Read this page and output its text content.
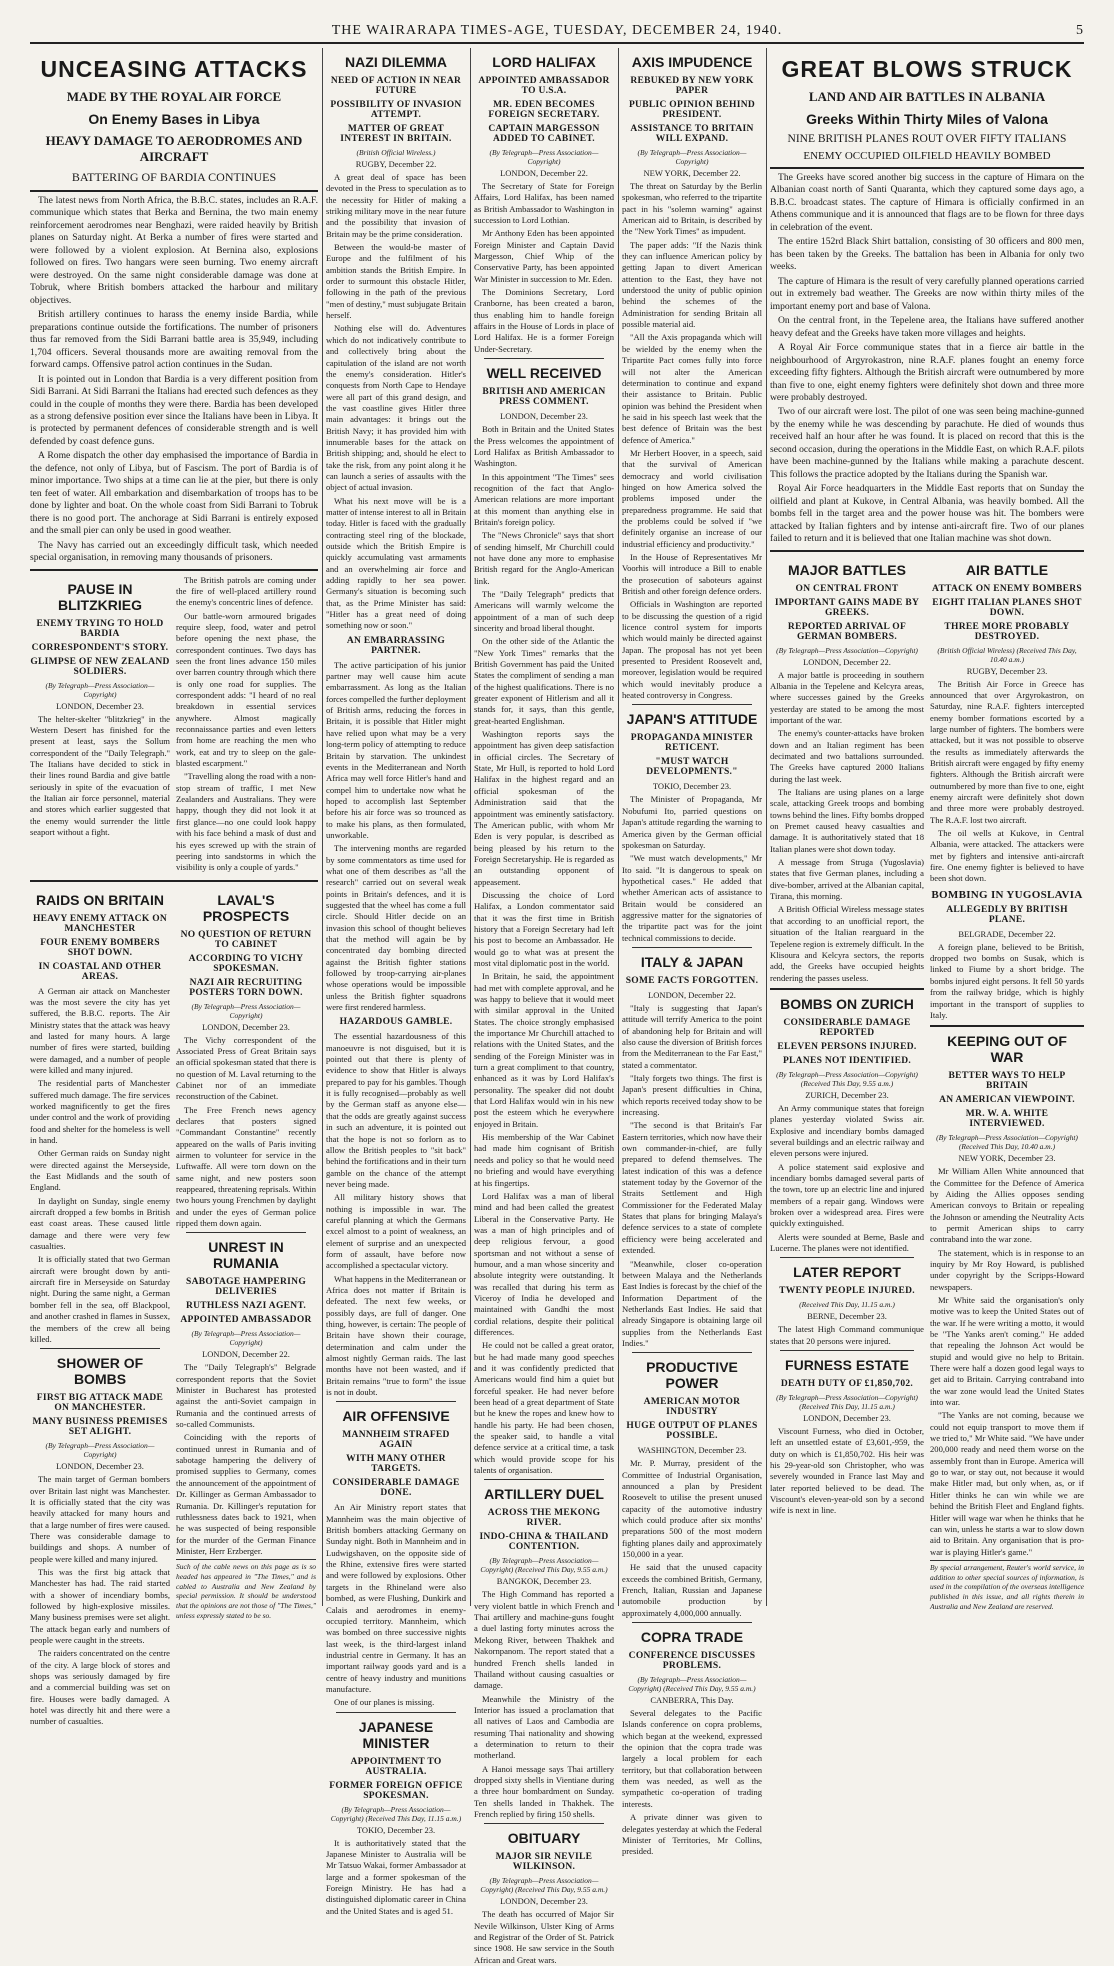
THE WAIRARAPA TIMES-AGE, TUESDAY, DECEMBER 24, 1940.	5
UNCEASING ATTACKS
MADE BY THE ROYAL AIR FORCE
On Enemy Bases in Libya
HEAVY DAMAGE TO AERODROMES AND AIRCRAFT
BATTERING OF BARDIA CONTINUES

The latest news from North Africa, the B.B.C. states, includes an R.A.F. communique which states that Berka and Bernina, the two main enemy reinforcement aerodromes near Benghazi, were raided heavily by British planes on Saturday night. At Berka a number of fires were started and were followed by a violent explosion. At Bernina also, explosions followed on fires. Two hangars were seen burning. Two enemy aircraft were destroyed. On the same night considerable damage was done at Tobruk, where British bombers attacked the harbour and military objectives.

British artillery continues to harass the enemy inside Bardia, while preparations continue outside the fortifications. The number of prisoners thus far removed from the Sidi Barrani battle area is 35,949, including 1,704 officers. Several thousands more are awaiting removal from the forward camps. Offensive patrol action continues in the Sudan.

It is pointed out in London that Bardia is a very different position from Sidi Barrani. At Sidi Barrani the Italians had erected such defences as they could in the couple of months they were there. Bardia has been developed as a strong defensive position ever since the Italians have been in Libya. It is protected by permanent defences of considerable strength and is well defended by coast defence guns.

A Rome dispatch the other day emphasised the importance of Bardia in the defence, not only of Libya, but of Fascism. The port of Bardia is of minor importance. Two ships at a time can lie at the pier, but there is only ten feet of water. All embarkation and disembarkation of troops has to be done by lighter and boat. On the whole coast from Sidi Barrani to Tobruk there is no good port. The anchorage at Sidi Barrani is entirely exposed and the small pier can only be used in good weather.

The Navy has carried out an exceedingly difficult task, which needed special organisation, in removing many thousands of prisoners.

PAUSE IN BLITZKRIEG
ENEMY TRYING TO HOLD BARDIA
CORRESPONDENT'S STORY.
GLIMPSE OF NEW ZEALAND SOLDIERS.
(By Telegraph—Press Association—Copyright)
LONDON, December 23.

The helter-skelter "blitzkrieg" in the Western Desert has finished for the present at least, says the Sollum correspondent of the "Daily Telegraph." The Italians have decided to stick in their lines round Bardia and give battle seriously in spite of the evacuation of the Italian air force personnel, material and stores which earlier suggested that the enemy would surrender the little seaport without a fight.

The British patrols are coming under the fire of well-placed artillery round the enemy's concentric lines of defence.

Our battle-worn armoured brigades require sleep, food, water and petrol before opening the next phase, the correspondent continues. Two days has seen the front lines advance 150 miles over barren country through which there is only one road for supplies. The correspondent adds: "I heard of no real breakdown in essential services anywhere. Almost magically reconnaissance parties and even letters from home are reaching the men who work, eat and try to sleep on the gale-blasted escarpment."

"Travelling along the road with a non-stop stream of traffic, I met New Zealanders and Australians. They were happy, though they did not look it at first glance—no one could look happy with his face behind a mask of dust and his eyes screwed up with the strain of peering into sandstorms in which the visibility is only a couple of yards."

RAIDS ON BRITAIN
HEAVY ENEMY ATTACK ON MANCHESTER
FOUR ENEMY BOMBERS SHOT DOWN.
IN COASTAL AND OTHER AREAS.

A German air attack on Manchester was the most severe the city has yet suffered, the B.B.C. reports. The Air Ministry states that the attack was heavy and lasted for many hours. A large number of fires were started, building were damaged, and a number of people were killed and many injured.

The residential parts of Manchester suffered much damage. The fire services worked magnificently to get the fires under control and the work of providing food and shelter for the homeless is well in hand.

Other German raids on Sunday night were directed against the Merseyside, the East Midlands and the south of England.

In daylight on Sunday, single enemy aircraft dropped a few bombs in British east coast areas. These caused little damage and there were very few casualties.

It is officially stated that two German aircraft were brought down by anti-aircraft fire in Merseyside on Saturday night. During the same night, a German bomber fell in the sea, off Blackpool, and another crashed in flames in Sussex, the members of the crew all being killed.

SHOWER OF BOMBS
FIRST BIG ATTACK MADE ON MANCHESTER.
MANY BUSINESS PREMISES SET ALIGHT.
(By Telegraph—Press Association—Copyright)
LONDON, December 23.

The main target of German bombers over Britain last night was Manchester. It is officially stated that the city was heavily attacked for many hours and that a large number of fires were caused. There was considerable damage to buildings and shops. A number of people were killed and many injured.

This was the first big attack that Manchester has had. The raid started with a shower of incendiary bombs, followed by high-explosive missiles. Many business premises were set alight. The attack began early and numbers of people were caught in the streets.

The raiders concentrated on the centre of the city. A large block of stores and shops was seriously damaged by fire and a commercial building was set on fire. Houses were badly damaged. A hotel was directly hit and there were a number of casualties.

LAVAL'S PROSPECTS
NO QUESTION OF RETURN TO CABINET
ACCORDING TO VICHY SPOKESMAN.
NAZI AIR RECRUITING POSTERS TORN DOWN.
(By Telegraph—Press Association—Copyright)
LONDON, December 23.

The Vichy correspondent of the Associated Press of Great Britain says an official spokesman stated that there is no question of M. Laval returning to the Cabinet nor of an immediate reconstruction of the Cabinet.

The Free French news agency declares that posters signed "Commandant Constantine" recently appeared on the walls of Paris inviting airmen to volunteer for service in the Luftwaffe. All were torn down on the same night, and new posters soon reappeared, threatening reprisals. Within two hours young Frenchmen by daylight and under the eyes of German police ripped them down again.

UNREST IN RUMANIA
SABOTAGE HAMPERING DELIVERIES
RUTHLESS NAZI AGENT.
APPOINTED AMBASSADOR
(By Telegraph—Press Association—Copyright)
LONDON, December 22.

The "Daily Telegraph's" Belgrade correspondent reports that the Soviet Minister in Bucharest has protested against the anti-Soviet campaign in Rumania and the continued arrests of so-called Communists.

Coinciding with the reports of continued unrest in Rumania and of sabotage hampering the delivery of promised supplies to Germany, comes the announcement of the appointment of Dr. Killinger as German Ambassador to Rumania. Dr. Killinger's reputation for ruthlessness dates back to 1921, when he was suspected of being responsible for the murder of the German Finance Minister, Herr Erzberger.

Such of the cable news on this page as is so headed has appeared in "The Times," and is cabled to Australia and New Zealand by special permission. It should be understood that the opinions are not those of "The Times," unless expressly stated to be so.
NAZI DILEMMA
NEED OF ACTION IN NEAR FUTURE
POSSIBILITY OF INVASION ATTEMPT.
MATTER OF GREAT INTEREST IN BRITAIN.
(British Official Wireless.)
RUGBY, December 22.

A great deal of space has been devoted in the Press to speculation as to the necessity for Hitler of making a striking military move in the near future and the possibility that invasion of Britain may be the prime consideration.

Between the would-be master of Europe and the fulfilment of his ambition stands the British Empire. In order to surmount this obstacle Hitler, following in the path of the previous "men of destiny," must subjugate Britain herself.

Nothing else will do. Adventures which do not indicatively contribute to and collectively bring about the capitulation of the island are not worth the enemy's consideration. Hitler's conquests from North Cape to Hendaye were all part of this grand design, and the vast coastline gives Hitler three main advantages: it brings out the British Navy; it has provided him with innumerable bases for the attack on British shipping; and, should he elect to take the risk, from any point along it he can launch a series of assaults with the object of actual invasion.

What his next move will be is a matter of intense interest to all in Britain today. Hitler is faced with the gradually contracting steel ring of the blockade, outside which the British Empire is quickly accumulating vast armaments and an overwhelming air force and adding rapidly to her sea power. Germany's situation is becoming such that, as the Prime Minister has said: "Hitler has a great need of doing something now or soon."

AN EMBARRASSING PARTNER.

The active participation of his junior partner may well cause him acute embarrassment. As long as the Italian forces compelled the further deployment of British arms, reducing the forces in Britain, it is possible that Hitler might have relied upon what may be a very long-term policy of attempting to reduce Britain by starvation. The unkindest events in the Mediterranean and North Africa may well force Hitler's hand and compel him to undertake now what he hoped to accomplish last September before his air force was so trounced as to make his plans, as then formulated, unworkable.

The intervening months are regarded by some commentators as time used for what one of them describes as "all the research" carried out on several weak points in Britain's defences, and it is suggested that the wheel has come a full circle. Should Hitler decide on an invasion this school of thought believes that the method will again be by concentrated day bombing directed against the British fighter stations followed by troop-carrying air-planes whose operations would be impossible unless the British fighter squadrons were first rendered harmless.

HAZARDOUS GAMBLE.

The essential hazardousness of this manoeuvre is not disguised, but it is pointed out that there is plenty of evidence to show that Hitler is always prepared to pay for his gambles. Though it is fully recognised—probably as well by the German staff as anyone else—that the odds are greatly against success in such an adventure, it is pointed out that the hope is not so forlorn as to allow the British peoples to "sit back" behind the fortifications and in their turn gamble on the chance of the attempt never being made.

All military history shows that nothing is impossible in war. The careful planning at which the Germans excel almost to a point of weakness, an element of surprise and an unexpected form of assault, have before now accomplished a spectacular victory.

What happens in the Mediterranean or Africa does not matter if Britain is defeated. The next few weeks, or possibly days, are full of danger. One thing, however, is certain: The people of Britain have shown their courage, determination and calm under the almost nightly German raids. The last months have not been wasted, and if Britain remains "true to form" the issue is not in doubt.

AIR OFFENSIVE
MANNHEIM STRAFED AGAIN
WITH MANY OTHER TARGETS.
CONSIDERABLE DAMAGE DONE.

An Air Ministry report states that Mannheim was the main objective of British bombers attacking Germany on Sunday night. Both in Mannheim and in Ludwigshaven, on the opposite side of the Rhine, extensive fires were started and were followed by explosions. Other targets in the Rhineland were also bombed, as were Flushing, Dunkirk and Calais and aerodromes in enemy-occupied territory. Mannheim, which was bombed on three successive nights last week, is the third-largest inland industrial centre in Germany. It has an important railway goods yard and is a centre of heavy industry and munitions manufacture.

One of our planes is missing.

JAPANESE MINISTER
APPOINTMENT TO AUSTRALIA.
FORMER FOREIGN OFFICE SPOKESMAN.
(By Telegraph—Press Association—Copyright) (Received This Day, 11.15 a.m.)
TOKIO, December 23.

It is authoritatively stated that the Japanese Minister to Australia will be Mr Tatsuo Wakai, former Ambassador at large and a former spokesman of the Foreign Ministry. He has had a distinguished diplomatic career in China and the United States and is aged 51.

LORD HALIFAX
APPOINTED AMBASSADOR TO U.S.A.
MR. EDEN BECOMES FOREIGN SECRETARY.
CAPTAIN MARGESSON ADDED TO CABINET.
(By Telegraph—Press Association—Copyright)
LONDON, December 22.

The Secretary of State for Foreign Affairs, Lord Halifax, has been named as British Ambassador to Washington in succession to Lord Lothian.

Mr Anthony Eden has been appointed Foreign Minister and Captain David Margesson, Chief Whip of the Conservative Party, has been appointed War Minister in succession to Mr. Eden.

The Dominions Secretary, Lord Cranborne, has been created a baron, thus enabling him to handle foreign affairs in the House of Lords in place of Lord Halifax. He is a former Foreign Under-Secretary.

WELL RECEIVED
BRITISH AND AMERICAN PRESS COMMENT.
LONDON, December 23.

Both in Britain and the United States the Press welcomes the appointment of Lord Halifax as British Ambassador to Washington.

In this appointment "The Times" sees recognition of the fact that Anglo-American relations are more important at this moment than anything else in Britain's foreign policy.

The "News Chronicle" says that short of sending himself, Mr Churchill could not have done any more to emphasise British regard for the Anglo-American link.

The "Daily Telegraph" predicts that Americans will warmly welcome the appointment of a man of such deep sincerity and broad liberal thought.

On the other side of the Atlantic the "New York Times" remarks that the British Government has paid the United States the compliment of sending a man of the highest qualifications. There is no greater exponent of Hitlerism and all it stands for, it says, than this gentle, great-hearted Englishman.

Washington reports says the appointment has given deep satisfaction in official circles. The Secretary of State, Mr Hull, is reported to hold Lord Halifax in the highest regard and an official spokesman of the Administration said that the appointment was eminently satisfactory. The American public, with whom Mr Eden is very popular, is described as being pleased by his return to the Foreign Secretaryship. He is regarded as an outstanding opponent of appeasement.

Discussing the choice of Lord Halifax, a London commentator said that it was the first time in British history that a Foreign Secretary had left his post to become an Ambassador. He would go to what was at present the most vital diplomatic post in the world.

In Britain, he said, the appointment had met with complete approval, and he was happy to believe that it would meet with similar approval in the United States. The choice strongly emphasised the importance Mr Churchill attached to relations with the United States, and the sending of the Foreign Minister was in turn a great compliment to that country, enhanced as it was by Lord Halifax's personality. The speaker did not doubt that Lord Halifax would win in his new post the esteem which he everywhere enjoyed in Britain.

His membership of the War Cabinet had made him cognisant of British needs and policy so that he would need no briefing and would have everything at his fingertips.

Lord Halifax was a man of liberal mind and had been called the greatest Liberal in the Conservative Party. He was a man of high principles and of deep religious fervour, a good sportsman and not without a sense of humour, and a man whose sincerity and absolute integrity were outstanding. It was recalled that during his term as Viceroy of India he developed and maintained with Gandhi the most cordial relations, despite their political differences.

He could not be called a great orator, but he had made many good speeches and it was confidently predicted that Americans would find him a quiet but forceful speaker. He had never before been head of a great department of State but he knew the ropes and knew how to handle his party. He had been chosen, the speaker said, to handle a vital defence service at a critical time, a task which would provide scope for his talents of organisation.

ARTILLERY DUEL
ACROSS THE MEKONG RIVER.
INDO-CHINA & THAILAND CONTENTION.
(By Telegraph—Press Association—Copyright) (Received This Day, 9.55 a.m.)
BANGKOK, December 23.

The High Command has reported a very violent battle in which French and Thai artillery and machine-guns fought a duel lasting forty minutes across the Mekong River, between Thakhek and Nakornpanom. The report stated that a hundred French shells landed in Thailand without causing casualties or damage.

Meanwhile the Ministry of the Interior has issued a proclamation that all natives of Laos and Cambodia are resuming Thai nationality and showing a determination to return to their motherland.

A Hanoi message says Thai artillery dropped sixty shells in Vientiane during a three hour bombardment on Sunday. Ten shells landed in Thakhek. The French replied by firing 150 shells.

OBITUARY
MAJOR SIR NEVILE WILKINSON.
(By Telegraph—Press Association—Copyright) (Received This Day, 9.55 a.m.)
LONDON, December 23.

The death has occurred of Major Sir Nevile Wilkinson, Ulster King of Arms and Registrar of the Order of St. Patrick since 1908. He saw service in the South African and Great wars.

AXIS IMPUDENCE
REBUKED BY NEW YORK PAPER
PUBLIC OPINION BEHIND PRESIDENT.
ASSISTANCE TO BRITAIN WILL EXPAND.
(By Telegraph—Press Association—Copyright)
NEW YORK, December 22.

The threat on Saturday by the Berlin spokesman, who referred to the tripartite pact in his "solemn warning" against American aid to Britain, is described by the "New York Times" as impudent.

The paper adds: "If the Nazis think they can influence American policy by getting Japan to divert American attention to the East, they have not understood the unity of public opinion behind the schemes of the Administration for sending Britain all possible material aid.

"All the Axis propaganda which will be wielded by the enemy when the Tripartite Pact comes fully into force will not alter the American determination to continue and expand their assistance to Britain. Public opinion was behind the President when he said in his speech last week that the best defence of Britain was the best defence of America."

Mr Herbert Hoover, in a speech, said that the survival of American democracy and world civilisation hinged on how America solved the problems imposed under the preparedness programme. He said that the problems could be solved if "we definitely organise an increase of our industrial efficiency and productivity."

In the House of Representatives Mr Voorhis will introduce a Bill to enable the prosecution of saboteurs against British and other foreign defence orders.

Officials in Washington are reported to be discussing the question of a rigid licence control system for imports which would mainly be directed against Japan. The proposal has not yet been presented to President Roosevelt and, moreover, legislation would be required which would inevitably produce a heated controversy in Congress.

JAPAN'S ATTITUDE
PROPAGANDA MINISTER RETICENT.
"MUST WATCH DEVELOPMENTS."
TOKIO, December 23.

The Minister of Propaganda, Mr Nobufumi Ito, parried questions on Japan's attitude regarding the warning to America given by the German official spokesman on Saturday.

"We must watch developments," Mr Ito said. "It is dangerous to speak on hypothetical cases." He added that whether American acts of assistance to Britain would be considered an aggressive matter for the signatories of the tripartite pact was for the joint technical commissions to decide.

ITALY & JAPAN
SOME FACTS FORGOTTEN.
LONDON, December 22.

"Italy is suggesting that Japan's attitude will terrify America to the point of abandoning help for Britain and will also cause the diversion of British forces from the Mediterranean to the Far East," stated a commentator.

"Italy forgets two things. The first is Japan's present difficulties in China, which reports received today show to be increasing.

"The second is that Britain's Far Eastern territories, which now have their own commander-in-chief, are fully prepared to defend themselves. The latest indication of this was a defence statement today by the Governor of the Straits Settlement and High Commissioner for the Federated Malay States that plans for bringing Malaya's defence services to a state of complete efficiency were being accelerated and extended.

"Meanwhile, closer co-operation between Malaya and the Netherlands East Indies is forecast by the chief of the Information Department of the Netherlands East Indies. He said that already Singapore is obtaining large oil supplies from the Netherlands East Indies."

PRODUCTIVE POWER
AMERICAN MOTOR INDUSTRY
HUGE OUTPUT OF PLANES POSSIBLE.
WASHINGTON, December 23.

Mr. P. Murray, president of the Committee of Industrial Organisation, announced a plan by President Roosevelt to utilise the present unused capacity of the automotive industry which could produce after six months' preparations 500 of the most modern fighting planes daily and approximately 150,000 in a year.

He said that the unused capacity exceeds the combined British, Germany, French, Italian, Russian and Japanese automobile production by approximately 4,000,000 annually.

COPRA TRADE
CONFERENCE DISCUSSES PROBLEMS.
(By Telegraph—Press Association—Copyright) (Received This Day, 9.55 a.m.)
CANBERRA, This Day.

Several delegates to the Pacific Islands conference on copra problems, which began at the weekend, expressed the opinion that the copra trade was largely a local problem for each territory, but that collaboration between them was needed, as well as the sympathetic co-operation of trading interests.

A private dinner was given to delegates yesterday at which the Federal Minister of Territories, Mr Collins, presided.

GREAT BLOWS STRUCK
LAND AND AIR BATTLES IN ALBANIA
Greeks Within Thirty Miles of Valona
NINE BRITISH PLANES ROUT OVER FIFTY ITALIANS
ENEMY OCCUPIED OILFIELD HEAVILY BOMBED

The Greeks have scored another big success in the capture of Himara on the Albanian coast north of Santi Quaranta, which they captured some days ago, a B.B.C. broadcast states. The capture of Himara is officially confirmed in an Athens communique and it is announced that flags are to be flown for three days in celebration of the event.

The entire 152rd Black Shirt battalion, consisting of 30 officers and 800 men, has been taken by the Greeks. The battalion has been in Albania for only two weeks.

The capture of Himara is the result of very carefully planned operations carried out in extremely bad weather. The Greeks are now within thirty miles of the important enemy port and base of Valona.

On the central front, in the Tepelene area, the Italians have suffered another heavy defeat and the Greeks have taken more villages and heights.

A Royal Air Force communique states that in a fierce air battle in the neighbourhood of Argyrokastron, nine R.A.F. planes fought an enemy force exceeding fifty fighters. Although the British aircraft were outnumbered by more than five to one, eight enemy fighters were definitely shot down and three more were probably destroyed.

Two of our aircraft were lost. The pilot of one was seen being machine-gunned by the enemy while he was descending by parachute. He died of wounds thus received half an hour after he was found. It is placed on record that this is the second occasion, during the operations in the Middle East, on which R.A.F. pilots have been machine-gunned by the Italians while making a parachute descent. This follows the practice adopted by the Italians during the Spanish war.

Royal Air Force headquarters in the Middle East reports that on Sunday the oilfield and plant at Kukove, in Central Albania, was heavily bombed. All the bombs fell in the target area and the power house was hit. The bombers were attacked by Italian fighters and by intense anti-aircraft fire. Two of our planes failed to return and it is believed that one Italian machine was shot down.

MAJOR BATTLES
ON CENTRAL FRONT
IMPORTANT GAINS MADE BY GREEKS.
REPORTED ARRIVAL OF GERMAN BOMBERS.
(By Telegraph—Press Association—Copyright)
LONDON, December 22.

A major battle is proceeding in southern Albania in the Tepelene and Kelcyra areas, where successes gained by the Greeks yesterday are stated to be among the most important of the war.

The enemy's counter-attacks have broken down and an Italian regiment has been decimated and two battalions surrounded. The Greeks have captured 2000 Italians during the last week.

The Italians are using planes on a large scale, attacking Greek troops and bombing towns behind the lines. Fifty bombs dropped on Premet caused heavy casualties and damage. It is authoritatively stated that 18 Italian planes were shot down today.

A message from Struga (Yugoslavia) states that five German planes, including a dive-bomber, arrived at the Albanian capital, Tirana, this morning.

A British Official Wireless message states that according to an unofficial report, the situation of the Italian rearguard in the Tepelene region is extremely difficult. In the Klisoura and Kelcyra sectors, the reports add, the Greeks have occupied heights rendering the passes useless.

BOMBS ON ZURICH
CONSIDERABLE DAMAGE REPORTED
ELEVEN PERSONS INJURED.
PLANES NOT IDENTIFIED.
(By Telegraph—Press Association—Copyright) (Received This Day, 9.55 a.m.)
ZURICH, December 23.

An Army communique states that foreign planes yesterday violated Swiss air. Explosive and incendiary bombs damaged several buildings and an electric railway and eleven persons were injured.

A police statement said explosive and incendiary bombs damaged several parts of the town, tore up an electric line and injured members of a repair gang. Windows were broken over a widespread area. Fires were quickly extinguished.

Alerts were sounded at Berne, Basle and Lucerne. The planes were not identified.

LATER REPORT
TWENTY PEOPLE INJURED.
(Received This Day, 11.15 a.m.)
BERNE, December 23.

The latest High Command communique states that 20 persons were injured.

FURNESS ESTATE
DEATH DUTY OF £1,850,702.
(By Telegraph—Press Association—Copyright) (Received This Day, 11.15 a.m.)
LONDON, December 23.

Viscount Furness, who died in October, left an unsettled estate of £3,601,-959, the duty on which is £1,850,702. His heir was his 29-year-old son Christopher, who was severely wounded in France last May and later reported believed to be dead. The Viscount's eleven-year-old son by a second wife is next in line.

AIR BATTLE
ATTACK ON ENEMY BOMBERS
EIGHT ITALIAN PLANES SHOT DOWN.
THREE MORE PROBABLY DESTROYED.
(British Official Wireless) (Received This Day, 10.40 a.m.)
RUGBY, December 23.

The British Air Force in Greece has announced that over Argyrokastron, on Saturday, nine R.A.F. fighters intercepted enemy bomber formations escorted by a large number of fighters. The bombers were attacked, but it was not possible to observe the results as immediately afterwards the British aircraft were engaged by fifty enemy fighters. Although the British aircraft were outnumbered by more than five to one, eight enemy aircraft were definitely shot down and three more were probably destroyed. The R.A.F. lost two aircraft.

The oil wells at Kukove, in Central Albania, were attacked. The attackers were met by fighters and intensive anti-aircraft fire. One enemy fighter is believed to have been shot down.

BOMBING IN YUGOSLAVIA
ALLEGEDLY BY BRITISH PLANE.
BELGRADE, December 22.

A foreign plane, believed to be British, dropped two bombs on Susak, which is linked to Fiume by a short bridge. The bombs injured eight persons. It fell 50 yards from the railway bridge, which is highly important in the transport of supplies to Italy.

KEEPING OUT OF WAR
BETTER WAYS TO HELP BRITAIN
AN AMERICAN VIEWPOINT.
MR. W. A. WHITE INTERVIEWED.
(By Telegraph—Press Association—Copyright) (Received This Day, 10.40 a.m.)
NEW YORK, December 23.

Mr William Allen White announced that the Committee for the Defence of America by Aiding the Allies opposes sending American convoys to Britain or repealing the Johnson or amending the Neutrality Acts to permit American ships to carry contraband into the war zone.

The statement, which is in response to an inquiry by Mr Roy Howard, is published under copyright by the Scripps-Howard newspapers.

Mr White said the organisation's only motive was to keep the United States out of the war. If he were writing a motto, it would be "The Yanks aren't coming." He added that repealing the Johnson Act would be stupid and would give no help to Britain. There were half a dozen good legal ways to get aid to Britain. Carrying contraband into the war zone would lead the United States into war.

"The Yanks are not coming, because we could not equip transport to move them if we tried to," Mr White said. "We have under 200,000 ready and need them worse on the assembly front than in Europe. America will go to war, or stay out, not because it would make Hitler mad, but only when, as, or if Hitler thinks he can win while we are behind the British Fleet and England fights. Hitler will wage war when he thinks that he can win, unless he starts a war to slow down aid to Britain. Any organisation that is pro-war is playing Hitler's game."

By special arrangement, Reuter's world service, in addition to other special sources of information, is used in the compilation of the overseas intelligence published in this issue, and all rights therein in Australia and New Zealand are reserved.
